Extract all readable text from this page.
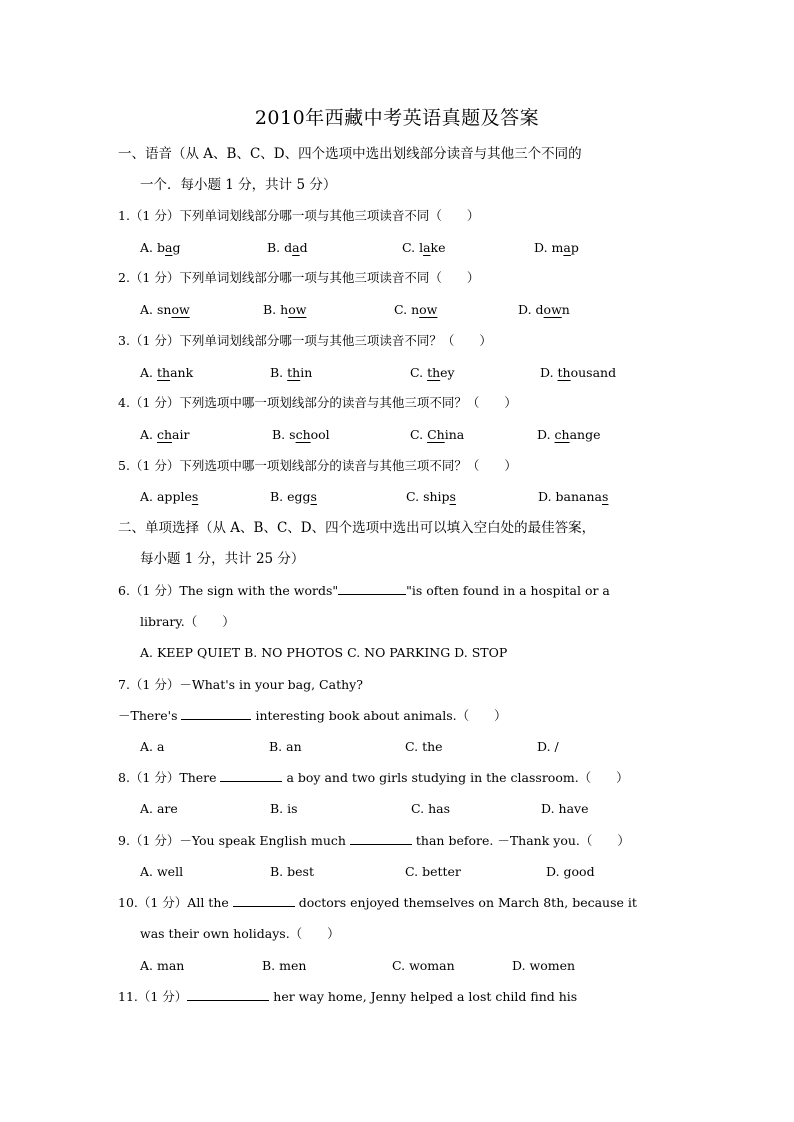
2010年西藏中考英语真题及答案
一、语音（从 A、B、C、D、四个选项中选出划线部分读音与其他三个不同的
一个．每小题 1 分，共计 5 分）
1.（1 分）下列单词划线部分哪一项与其他三项读音不同（　　）
A. bag	B. dad	C. lake	D. map
2.（1 分）下列单词划线部分哪一项与其他三项读音不同（　　）
A. snow	B. how	C. now	D. down
3.（1 分）下列单词划线部分哪一项与其他三项读音不同？（　　）
A. thank	B. thin	C. they	D. thousand
4.（1 分）下列选项中哪一项划线部分的读音与其他三项不同？（　　）
A. chair	B. school	C. China	D. change
5.（1 分）下列选项中哪一项划线部分的读音与其他三项不同？（　　）
A. apples	B. eggs	C. ships	D. bananas
二、单项选择（从 A、B、C、D、四个选项中选出可以填入空白处的最佳答案，
每小题 1 分，共计 25 分）
6.（1 分）The sign with the words"	"is often found in a hospital or a
library.（　　）
A. KEEP QUIET B. NO PHOTOS C. NO PARKING D. STOP
7.（1 分）－What's in your bag, Cathy?
－There's	interesting book about animals.（　　）
A. a	B. an	C. the	D. /
8.（1 分）There	a boy and two girls studying in the classroom.（　　）
A. are	B. is	C. has	D. have
9.（1 分）－You speak English much	than before. －Thank you.（　　）
A. well	B. best	C. better	D. good
10.（1 分）All the	doctors enjoyed themselves on March 8th, because it
was their own holidays.（　　）
A. man	B. men	C. woman	D. women
11.（1 分）	her way home, Jenny helped a lost child find his
